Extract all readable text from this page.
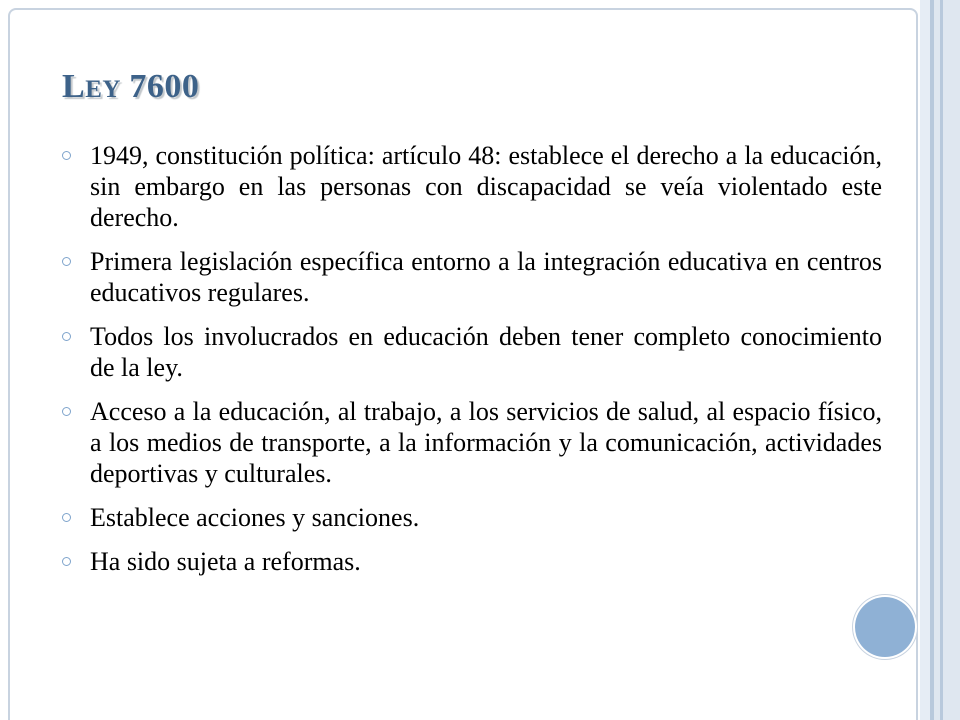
LEY 7600
1949, constitución política: artículo 48: establece el derecho a la educación, sin embargo en las personas con discapacidad se veía violentado este derecho.
Primera legislación específica entorno a la integración educativa en centros educativos regulares.
Todos los involucrados en educación deben tener completo conocimiento de la ley.
Acceso a la educación, al trabajo, a los servicios de salud, al espacio físico, a los medios de transporte, a la información y la comunicación, actividades deportivas y culturales.
Establece acciones y sanciones.
Ha sido sujeta a reformas.
